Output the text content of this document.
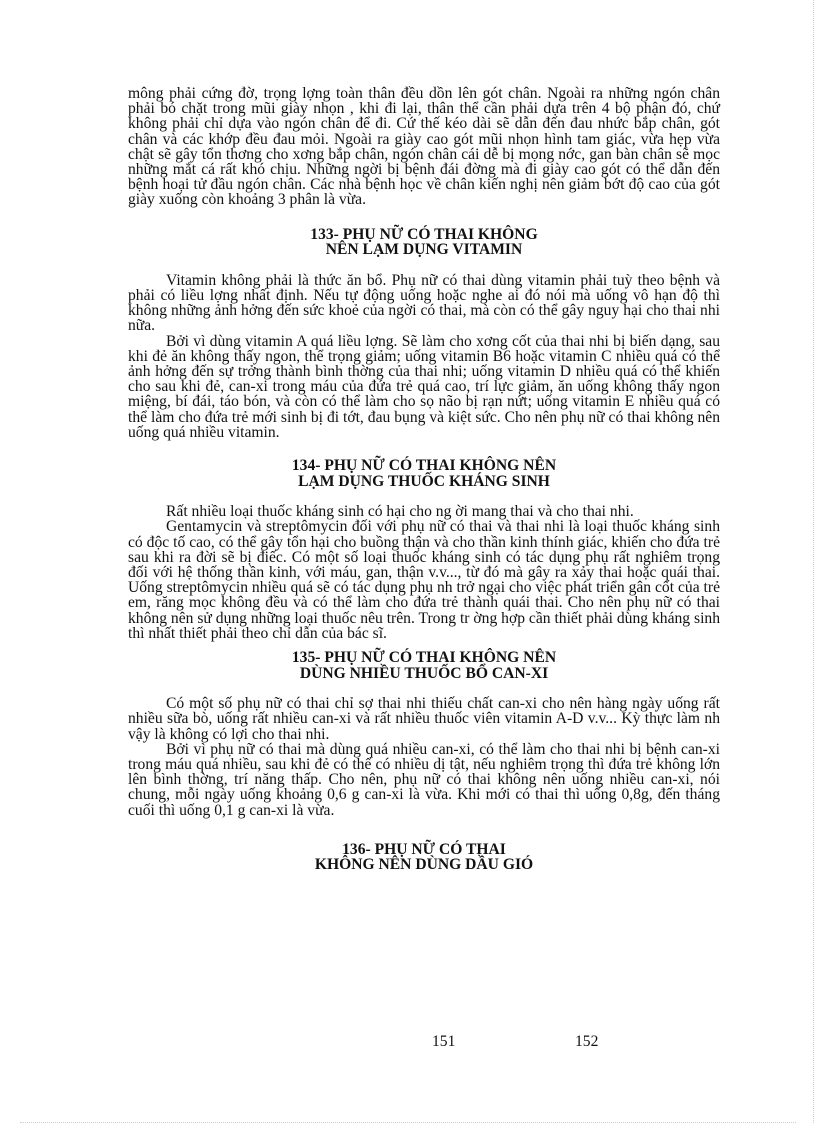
mông phải cứng đờ, trọng lợng toàn thân đều dồn lên gót chân. Ngoài ra những ngón chân phải bó chặt trong mũi giày nhọn , khi đi lại, thân thể cần phải dựa trên 4 bộ phận đó, chứ không phải chỉ dựa vào ngón chân để đi. Cứ thế kéo dài sẽ dẫn đến đau nhức bắp chân, gót chân và các khớp đều đau mỏi. Ngoài ra giày cao gót mũi nhọn hình tam giác, vừa hẹp vừa chật sẽ gây tổn thơng cho xơng bắp chân, ngón chân cái dễ bị mọng nớc, gan bàn chân sẽ mọc những mắt cá rất khó chịu. Những ngời bị bệnh đái đờng mà đi giày cao gót có thể dẫn đến bệnh hoại tử đầu ngón chân. Các nhà bệnh học về chân kiến nghị nên giảm bớt độ cao của gót giày xuống còn khoảng 3 phân là vừa.

133- PHỤ NỮ CÓ THAI KHÔNG
NÊN LẠM DỤNG VITAMIN

Vitamin không phải là thức ăn bổ. Phụ nữ có thai dùng vitamin phải tuỳ theo bệnh và phải có liều lợng nhất định. Nếu tự động uống hoặc nghe ai đó nói mà uống vô hạn độ thì không những ảnh hởng đến sức khoẻ của ngời có thai, mà còn có thể gây nguy hại cho thai nhi nữa.

Bởi vì dùng vitamin A quá liều lợng. Sẽ làm cho xơng cốt của thai nhi bị biến dạng, sau khi đẻ ăn không thấy ngon, thể trọng giảm; uống vitamin B6 hoặc vitamin C nhiều quá có thể ảnh hởng đến sự trởng thành bình thờng của thai nhi; uống vitamin D nhiều quá có thể khiến cho sau khi đẻ, can-xi trong máu của đứa trẻ quá cao, trí lực giảm, ăn uống không thấy ngon miệng, bí đái, táo bón, và còn có thể làm cho sọ não bị rạn nứt; uống vitamin E nhiều quá có thể làm cho đứa trẻ mới sinh bị đi tớt, đau bụng và kiệt sức. Cho nên phụ nữ có thai không nên uống quá nhiều vitamin.

134- PHỤ NỮ CÓ THAI KHÔNG NÊN
LẠM DỤNG THUỐC KHÁNG SINH

Rất nhiều loại thuốc kháng sinh có hại cho ng ời mang thai và cho thai nhi.

Gentamycin và streptômycin đối với phụ nữ có thai và thai nhi là loại thuốc kháng sinh có độc tố cao, có thể gây tổn hại cho buồng thận và cho thần kinh thính giác, khiến cho đứa trẻ sau khi ra đời sẽ bị điếc. Có một số loại thuốc kháng sinh có tác dụng phụ rất nghiêm trọng đối với hệ thống thần kinh, với máu, gan, thận v.v..., từ đó mà gây ra xảy thai hoặc quái thai. Uống streptômycin nhiều quá sẽ có tác dụng phụ nh trở ngại cho việc phát triển gân cốt của trẻ em, răng mọc không đều và có thể làm cho đứa trẻ thành quái thai. Cho nên phụ nữ có thai không nên sử dụng những loại thuốc nêu trên. Trong tr ờng hợp cần thiết phải dùng kháng sinh thì nhất thiết phải theo chỉ dẫn của bác sĩ.

135- PHỤ NỮ CÓ THAI KHÔNG NÊN
DÙNG NHIỀU THUỐC BỔ CAN-XI

Có một số phụ nữ có thai chỉ sợ thai nhi thiếu chất can-xi cho nên hàng ngày uống rất nhiều sữa bò, uống rất nhiều can-xi và rất nhiều thuốc viên vitamin A-D v.v... Kỳ thực làm nh vậy là không có lợi cho thai nhi.

Bởi vì phụ nữ có thai mà dùng quá nhiều can-xi, có thể làm cho thai nhi bị bệnh can-xi trong máu quá nhiều, sau khi đẻ có thể có nhiều dị tật, nếu nghiêm trọng thì đứa trẻ không lớn lên bình thờng, trí năng thấp. Cho nên, phụ nữ có thai không nên uống nhiều can-xi, nói chung, mỗi ngày uống khoảng 0,6 g can-xi là vừa. Khi mới có thai thì uống 0,8g, đến tháng cuối thì uống 0,1 g can-xi là vừa.

136- PHỤ NỮ CÓ THAI
KHÔNG NÊN DÙNG DẦU GIÓ
151	152
